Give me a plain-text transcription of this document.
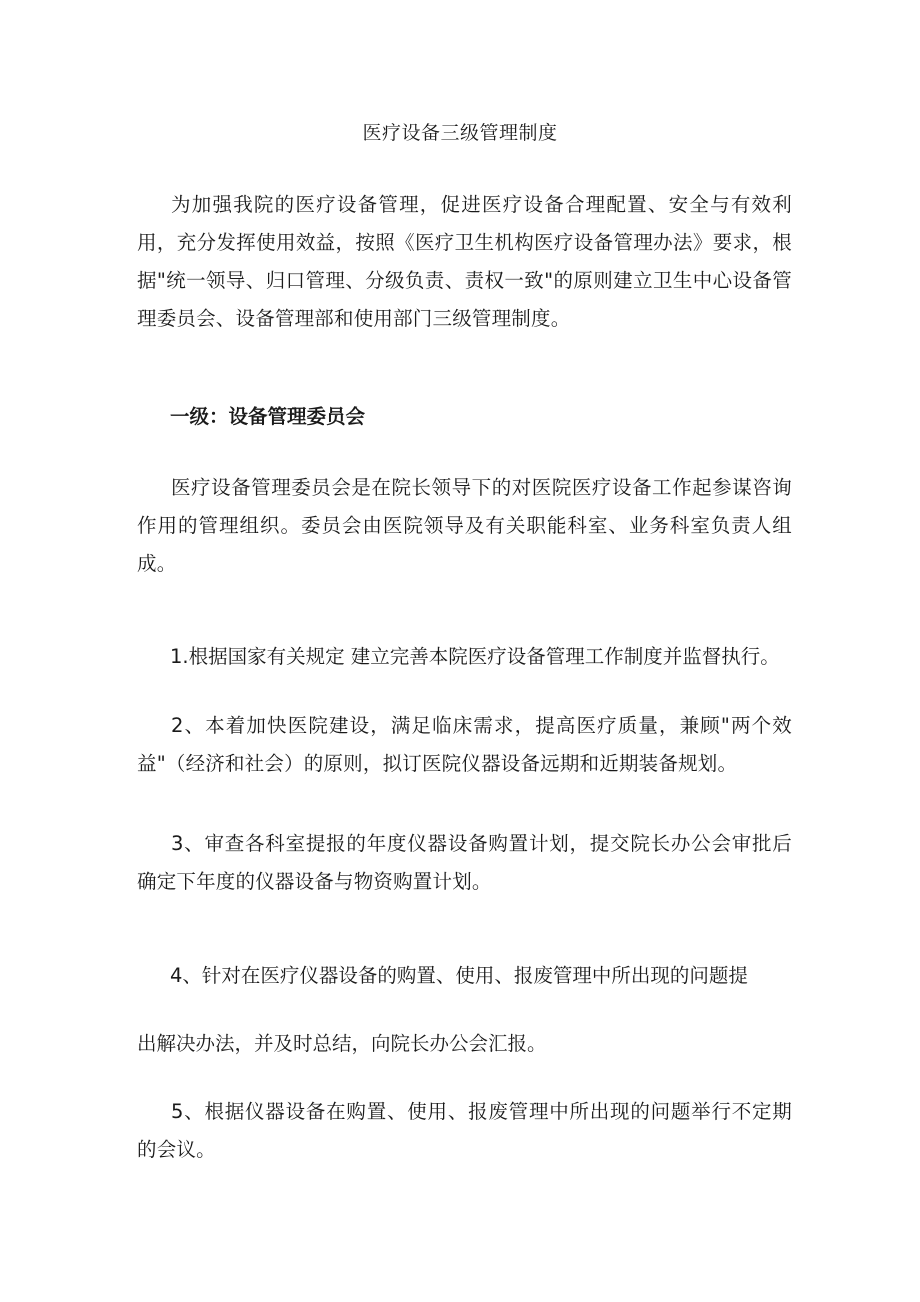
医疗设备三级管理制度

为加强我院的医疗设备管理，促进医疗设备合理配置、安全与有效利用，充分发挥使用效益，按照《医疗卫生机构医疗设备管理办法》要求，根据"统一领导、归口管理、分级负责、责权一致"的原则建立卫生中心设备管理委员会、设备管理部和使用部门三级管理制度。

一级：设备管理委员会

医疗设备管理委员会是在院长领导下的对医院医疗设备工作起参谋咨询作用的管理组织。委员会由医院领导及有关职能科室、业务科室负责人组成。

1.根据国家有关规定 建立完善本院医疗设备管理工作制度并监督执行。

2、本着加快医院建设，满足临床需求，提高医疗质量，兼顾"两个效益"（经济和社会）的原则，拟订医院仪器设备远期和近期装备规划。

3、审查各科室提报的年度仪器设备购置计划，提交院长办公会审批后确定下年度的仪器设备与物资购置计划。

4、针对在医疗仪器设备的购置、使用、报废管理中所出现的问题提

出解决办法，并及时总结，向院长办公会汇报。

5、根据仪器设备在购置、使用、报废管理中所出现的问题举行不定期的会议。
